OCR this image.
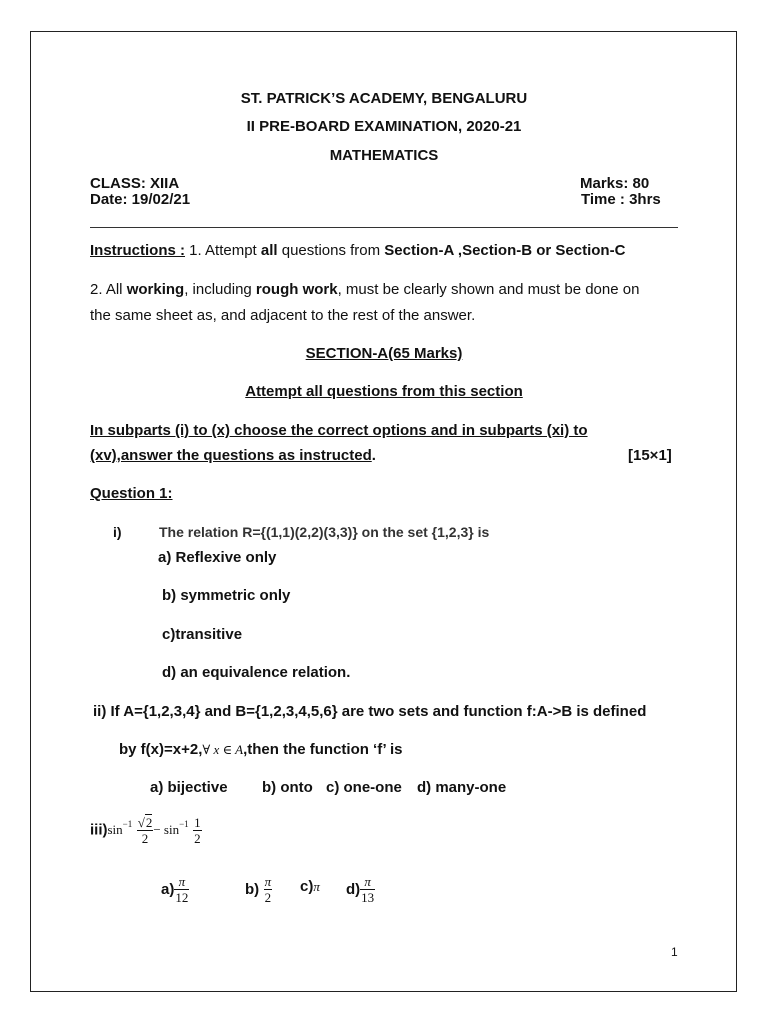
ST. PATRICK’S ACADEMY, BENGALURU
II PRE-BOARD EXAMINATION, 2020-21
MATHEMATICS
CLASS: XIIA
Date: 19/02/21
Marks: 80
Time : 3hrs
Instructions : 1. Attempt all questions from Section-A ,Section-B or Section-C
2. All working, including rough work, must be clearly shown and must be done on
the same sheet as, and adjacent to the rest of the answer.
SECTION-A(65 Marks)
Attempt all questions from this section
In subparts (i) to (x) choose the correct options and in subparts (xi) to
(xv),answer the questions as instructed.	[15×1]
Question 1:
i)	The relation R={(1,1)(2,2)(3,3)} on the set {1,2,3} is
a) Reflexive only
b) symmetric only
c)transitive
d) an equivalence relation.
ii) If A={1,2,3,4} and B={1,2,3,4,5,6} are two sets and function f:A->B is defined
by f(x)=x+2,∀ x ∈ A,then the function ‘f’ is
a) bijective b) onto c) one-one d) many-one
$iii)\sin^{-1} \frac{√2}{2} - \sin^{-1} \frac{1}{2}$
$a) \frac{\pi}{12}$	$b) \frac{\pi}{2} c)\pi$ $d) \frac{\pi}{13}$
1
